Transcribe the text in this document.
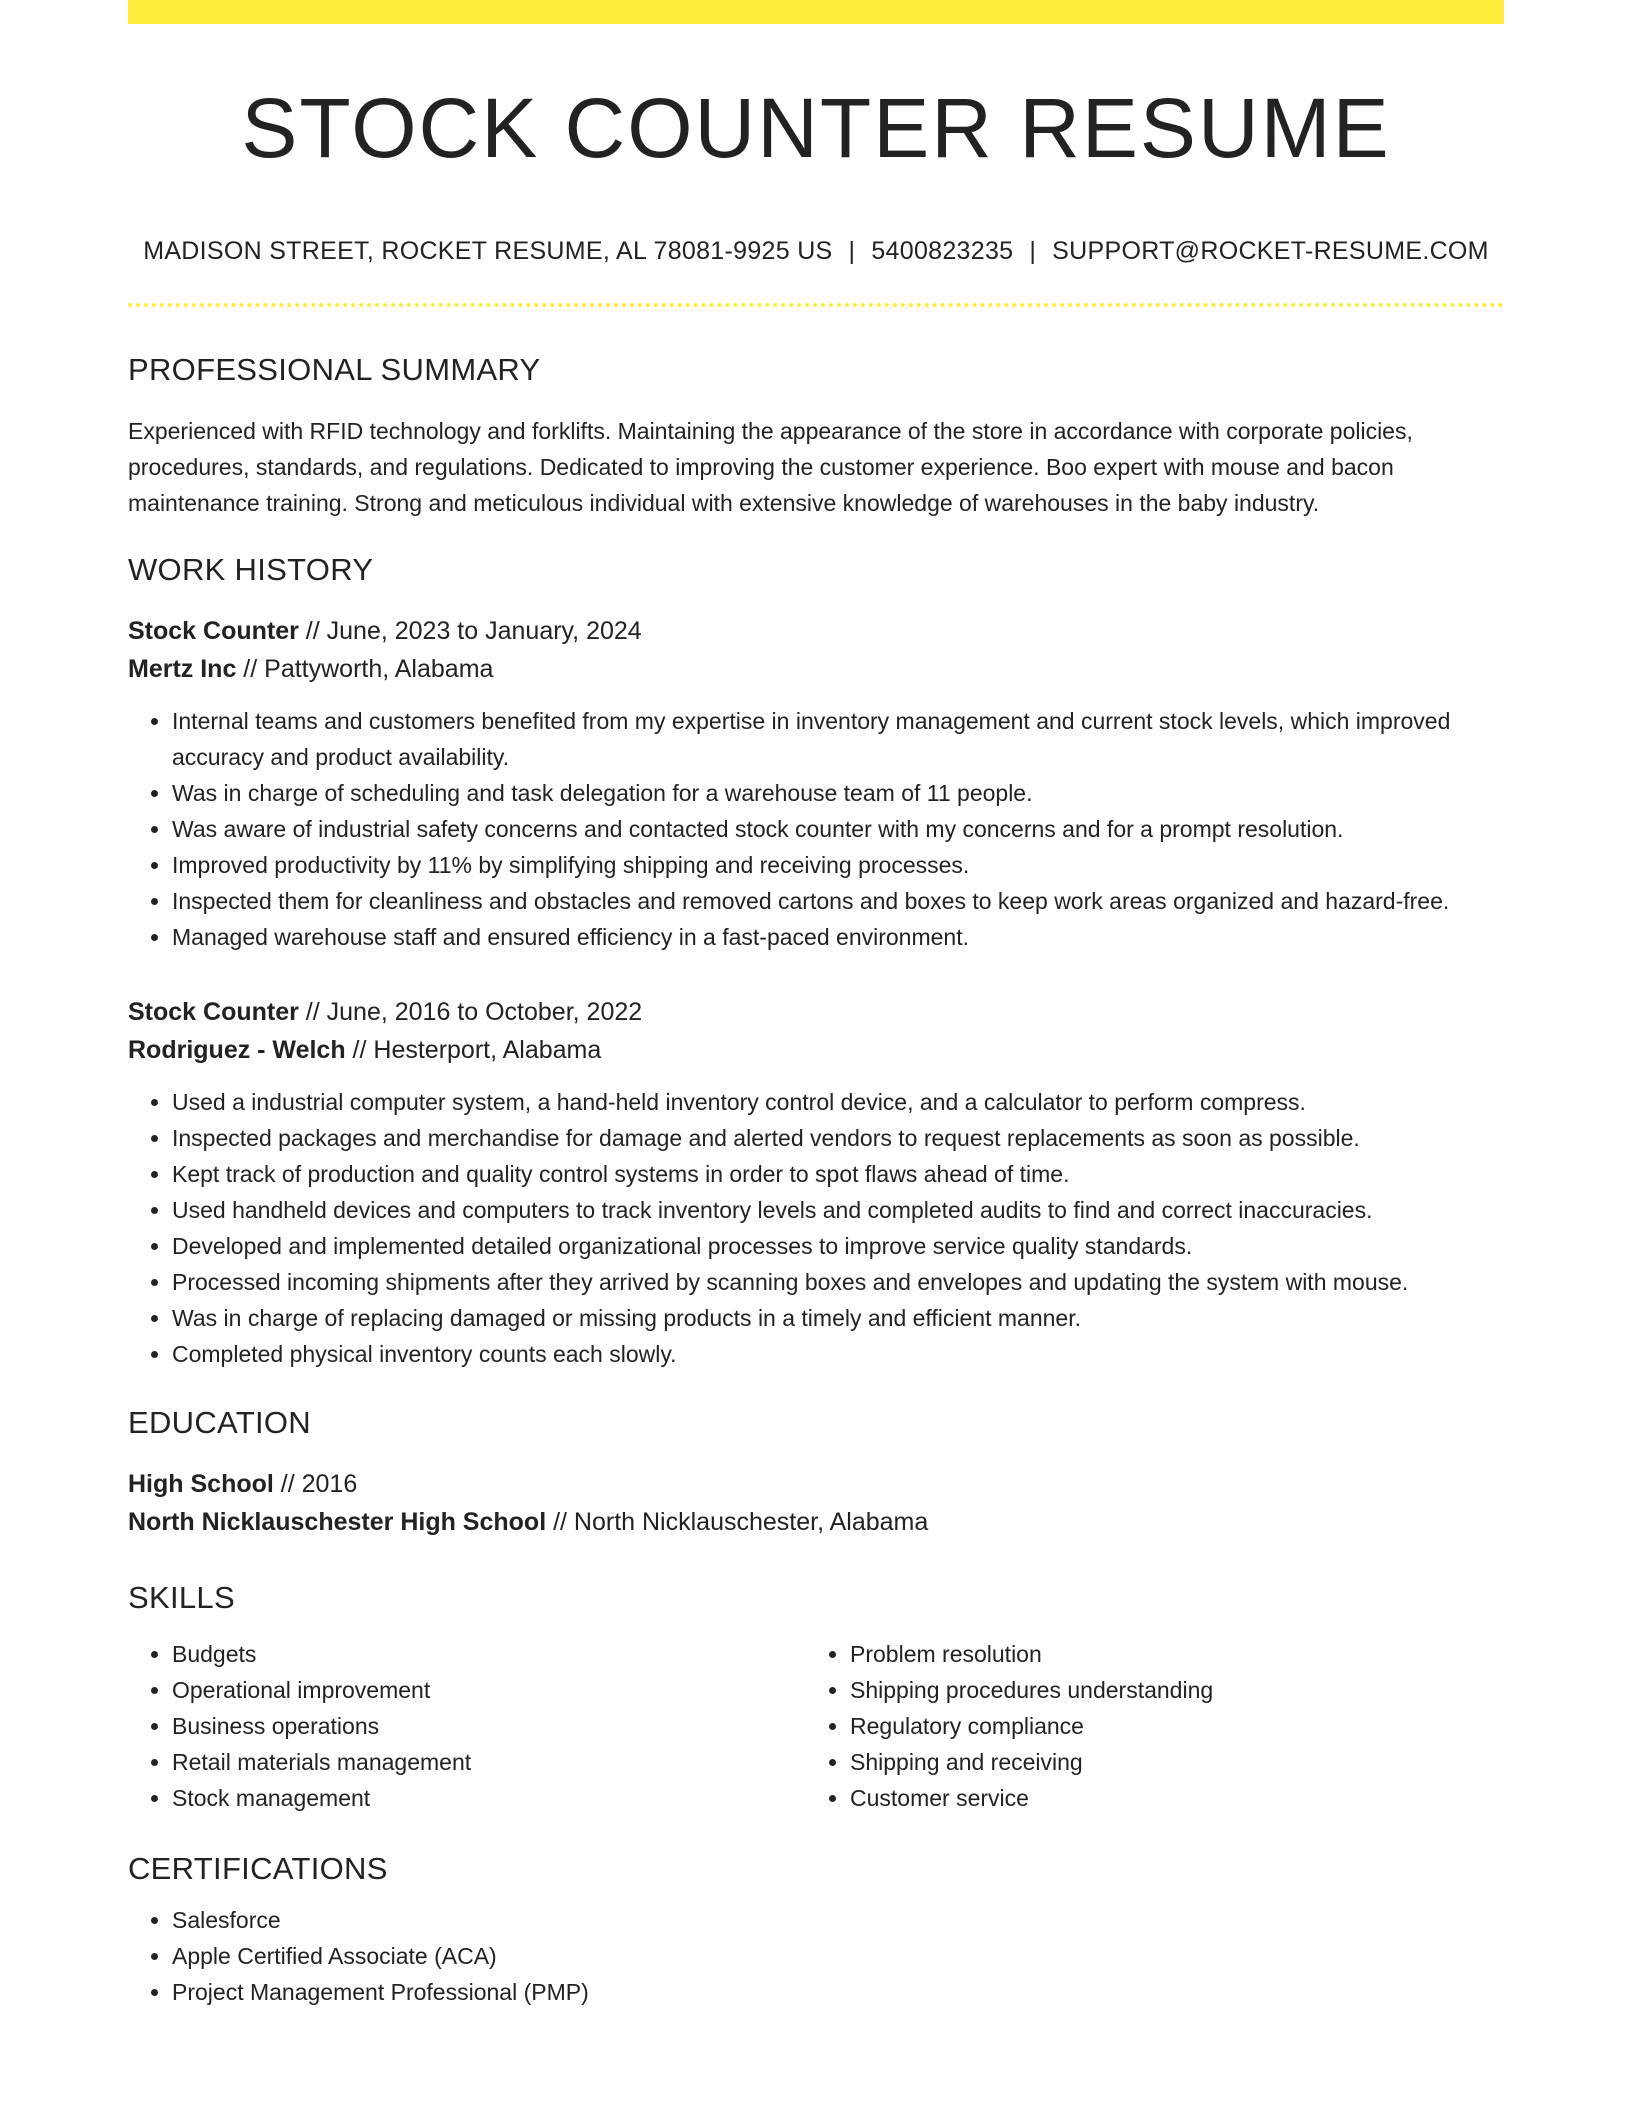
STOCK COUNTER RESUME
MADISON STREET, ROCKET RESUME, AL 78081-9925 US | 5400823235 | SUPPORT@ROCKET-RESUME.COM
PROFESSIONAL SUMMARY
Experienced with RFID technology and forklifts. Maintaining the appearance of the store in accordance with corporate policies, procedures, standards, and regulations. Dedicated to improving the customer experience. Boo expert with mouse and bacon maintenance training. Strong and meticulous individual with extensive knowledge of warehouses in the baby industry.
WORK HISTORY
Stock Counter // June, 2023 to January, 2024
Mertz Inc // Pattyworth, Alabama
• Internal teams and customers benefited from my expertise in inventory management and current stock levels, which improved accuracy and product availability.
• Was in charge of scheduling and task delegation for a warehouse team of 11 people.
• Was aware of industrial safety concerns and contacted stock counter with my concerns and for a prompt resolution.
• Improved productivity by 11% by simplifying shipping and receiving processes.
• Inspected them for cleanliness and obstacles and removed cartons and boxes to keep work areas organized and hazard-free.
• Managed warehouse staff and ensured efficiency in a fast-paced environment.
Stock Counter // June, 2016 to October, 2022
Rodriguez - Welch // Hesterport, Alabama
• Used a industrial computer system, a hand-held inventory control device, and a calculator to perform compress.
• Inspected packages and merchandise for damage and alerted vendors to request replacements as soon as possible.
• Kept track of production and quality control systems in order to spot flaws ahead of time.
• Used handheld devices and computers to track inventory levels and completed audits to find and correct inaccuracies.
• Developed and implemented detailed organizational processes to improve service quality standards.
• Processed incoming shipments after they arrived by scanning boxes and envelopes and updating the system with mouse.
• Was in charge of replacing damaged or missing products in a timely and efficient manner.
• Completed physical inventory counts each slowly.
EDUCATION
High School // 2016
North Nicklauschester High School // North Nicklauschester, Alabama
SKILLS
• Budgets
• Operational improvement
• Business operations
• Retail materials management
• Stock management
• Problem resolution
• Shipping procedures understanding
• Regulatory compliance
• Shipping and receiving
• Customer service
CERTIFICATIONS
• Salesforce
• Apple Certified Associate (ACA)
• Project Management Professional (PMP)
